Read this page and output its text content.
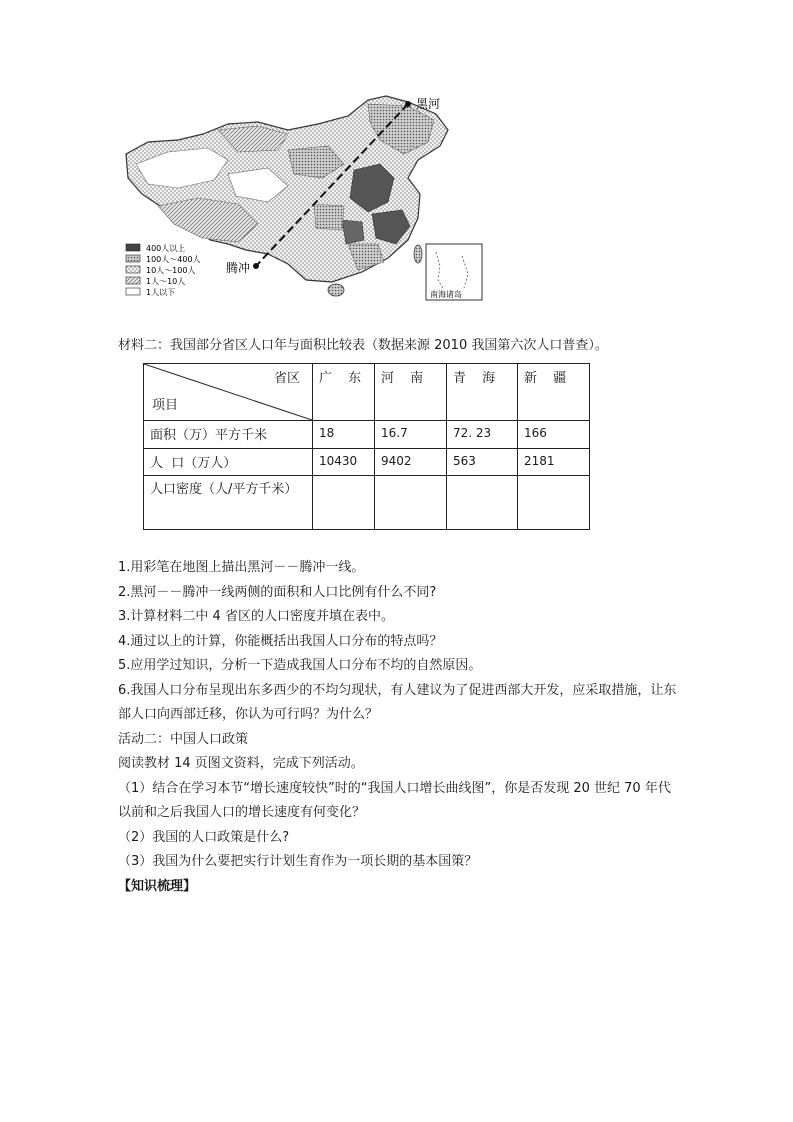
400人以上
100人～400人
10人～100人
1人～10人
1人以下
黑河
腾冲
南海诸岛
材料二：我国部分省区人口年与面积比较表（数据来源 2010 我国第六次人口普查）。
省区
项目	广 东	河 南	青 海	新 疆
面积（万）平方千米	18	16.7	72. 23	166
人  口（万人）	10430	9402	563	2181
人口密度（人/平方千米）				

1.用彩笔在地图上描出黑河－－腾冲一线。

2.黑河－－腾冲一线两侧的面积和人口比例有什么不同?

3.计算材料二中 4 省区的人口密度并填在表中。

4.通过以上的计算，你能概括出我国人口分布的特点吗？

5.应用学过知识，分析一下造成我国人口分布不均的自然原因。

6.我国人口分布呈现出东多西少的不均匀现状，有人建议为了促进西部大开发，应采取措施，让东部人口向西部迁移，你认为可行吗？为什么？

活动二：中国人口政策

阅读教材 14 页图文资料，完成下列活动。

（1）结合在学习本节“增长速度较快”时的“我国人口增长曲线图”，你是否发现 20 世纪 70 年代以前和之后我国人口的增长速度有何变化？

（2）我国的人口政策是什么?

（3）我国为什么要把实行计划生育作为一项长期的基本国策？

【知识梳理】
